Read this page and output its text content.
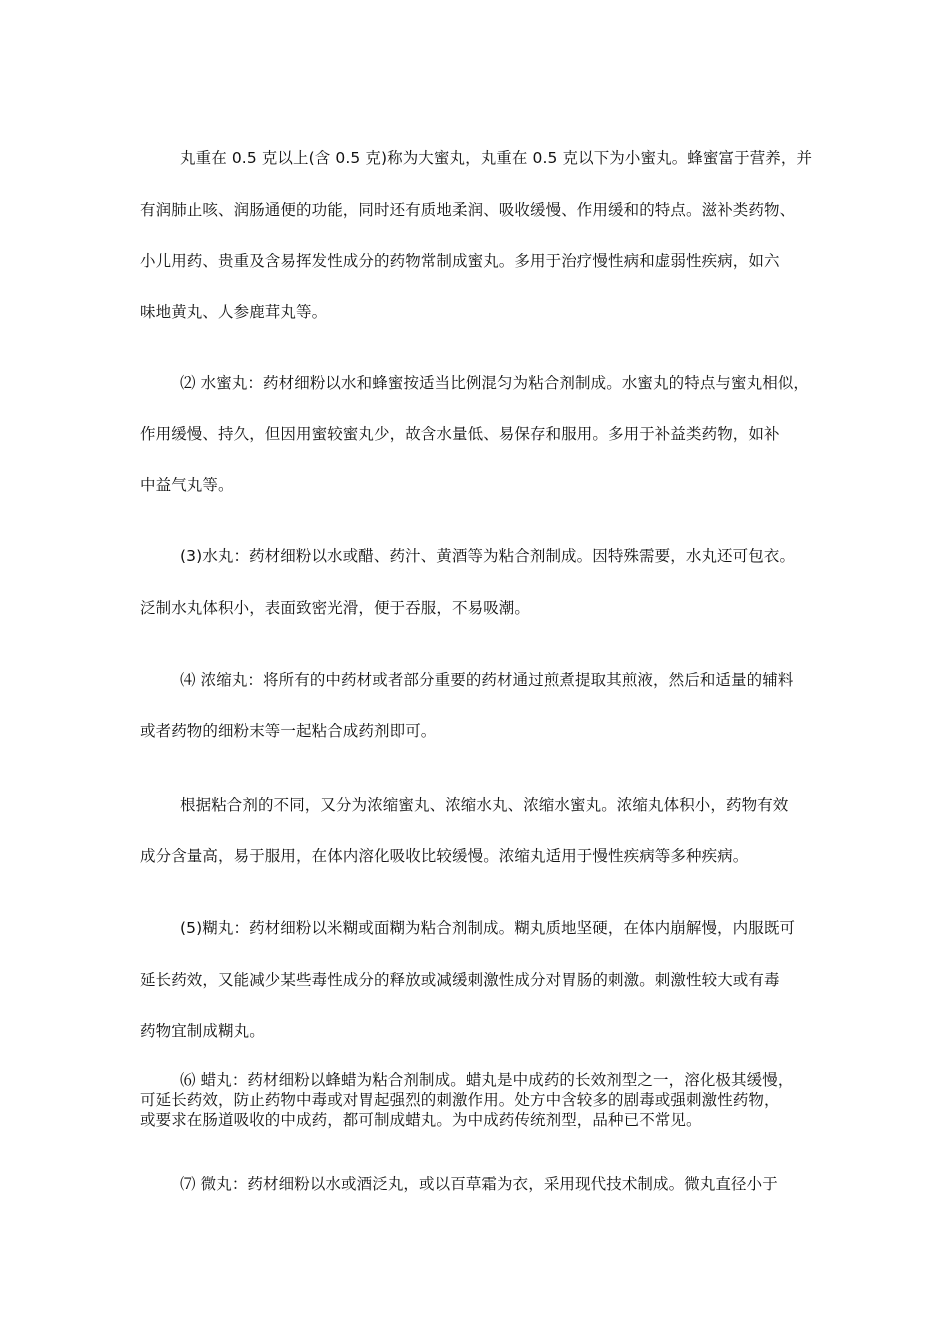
丸重在 0.5 克以上(含 0.5 克)称为大蜜丸，丸重在 0.5 克以下为小蜜丸。蜂蜜富于营养，并
有润肺止咳、润肠通便的功能，同时还有质地柔润、吸收缓慢、作用缓和的特点。滋补类药物、
小儿用药、贵重及含易挥发性成分的药物常制成蜜丸。多用于治疗慢性病和虚弱性疾病，如六
味地黄丸、人参鹿茸丸等。
⑵ 水蜜丸：药材细粉以水和蜂蜜按适当比例混匀为粘合剂制成。水蜜丸的特点与蜜丸相似，
作用缓慢、持久，但因用蜜较蜜丸少，故含水量低、易保存和服用。多用于补益类药物，如补
中益气丸等。
(3)水丸：药材细粉以水或醋、药汁、黄酒等为粘合剂制成。因特殊需要，水丸还可包衣。
泛制水丸体积小，表面致密光滑，便于吞服，不易吸潮。
⑷ 浓缩丸：将所有的中药材或者部分重要的药材通过煎煮提取其煎液，然后和适量的辅料
或者药物的细粉末等一起粘合成药剂即可。
根据粘合剂的不同，又分为浓缩蜜丸、浓缩水丸、浓缩水蜜丸。浓缩丸体积小，药物有效
成分含量高，易于服用，在体内溶化吸收比较缓慢。浓缩丸适用于慢性疾病等多种疾病。
(5)糊丸：药材细粉以米糊或面糊为粘合剂制成。糊丸质地坚硬，在体内崩解慢，内服既可
延长药效，又能减少某些毒性成分的释放或减缓刺激性成分对胃肠的刺激。刺激性较大或有毒
药物宜制成糊丸。
⑹ 蜡丸：药材细粉以蜂蜡为粘合剂制成。蜡丸是中成药的长效剂型之一，溶化极其缓慢，
可延长药效，防止药物中毒或对胃起强烈的刺激作用。处方中含较多的剧毒或强刺激性药物，
或要求在肠道吸收的中成药，都可制成蜡丸。为中成药传统剂型，品种已不常见。
⑺ 微丸：药材细粉以水或酒泛丸，或以百草霜为衣，采用现代技术制成。微丸直径小于
